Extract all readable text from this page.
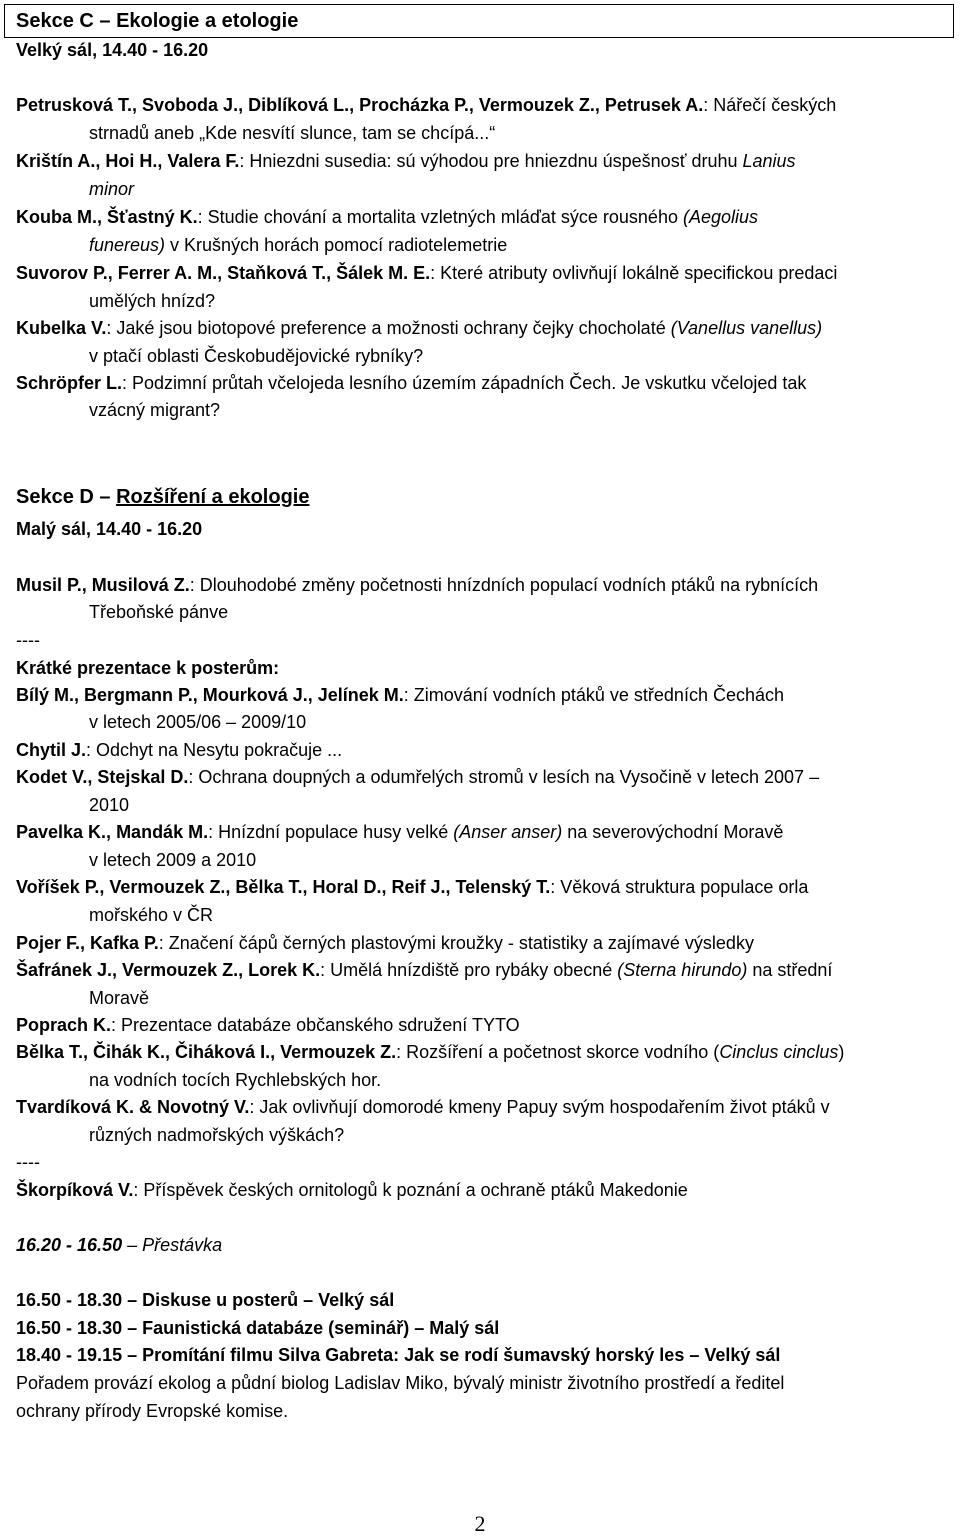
Sekce C – Ekologie a etologie
Velký sál, 14.40 - 16.20
Petrusková T., Svoboda J., Diblíková L., Procházka P., Vermouzek Z., Petrusek A.: Nářečí českých
strnadů aneb „Kde nesvítí slunce, tam se chcípá...“
Krištín A., Hoi H., Valera F.: Hniezdni susedia: sú výhodou pre hniezdnu úspešnosť druhu Lanius
minor
Kouba M., Šťastný K.: Studie chování a mortalita vzletných mláďat sýce rousného (Aegolius
funereus) v Krušných horách pomocí radiotelemetrie
Suvorov P., Ferrer A. M., Staňková T., Šálek M. E.: Které atributy ovlivňují lokálně specifickou predaci
umělých hnízd?
Kubelka V.: Jaké jsou biotopové preference a možnosti ochrany čejky chocholaté (Vanellus vanellus)
v ptačí oblasti Českobudějovické rybníky?
Schröpfer L.: Podzimní průtah včelojeda lesního územím západních Čech. Je vskutku včelojed tak
vzácný migrant?
Sekce D – Rozšíření a ekologie
Malý sál, 14.40 - 16.20
Musil P., Musilová Z.: Dlouhodobé změny početnosti hnízdních populací vodních ptáků na rybnících
Třeboňské pánve
----
Krátké prezentace k posterům:
Bílý M., Bergmann P., Mourková J., Jelínek M.: Zimování vodních ptáků ve středních Čechách
v letech 2005/06 – 2009/10
Chytil J.: Odchyt na Nesytu pokračuje ...
Kodet V., Stejskal D.: Ochrana doupných a odumřelých stromů v lesích na Vysočině v letech 2007 –
2010
Pavelka K., Mandák M.: Hnízdní populace husy velké (Anser anser) na severovýchodní Moravě
v letech 2009 a 2010
Voříšek P., Vermouzek Z., Bělka T., Horal D., Reif J., Telenský T.: Věková struktura populace orla
mořského v ČR
Pojer F., Kafka P.: Značení čápů černých plastovými kroužky - statistiky a zajímavé výsledky
Šafránek J., Vermouzek Z., Lorek K.: Umělá hnízdiště pro rybáky obecné (Sterna hirundo) na střední
Moravě
Poprach K.: Prezentace databáze občanského sdružení TYTO
Bělka T., Čihák K., Čiháková I., Vermouzek Z.: Rozšíření a početnost skorce vodního (Cinclus cinclus)
na vodních tocích Rychlebských hor.
Tvardíková K. & Novotný V.: Jak ovlivňují domorodé kmeny Papuy svým hospodařením život ptáků v
různých nadmořských výškách?
----
Škorpíková V.: Příspěvek českých ornitologů k poznání a ochraně ptáků Makedonie
16.20 - 16.50 – Přestávka
16.50 - 18.30 – Diskuse u posterů – Velký sál
16.50 - 18.30 – Faunistická databáze (seminář) – Malý sál
18.40 - 19.15 – Promítání filmu Silva Gabreta: Jak se rodí šumavský horský les – Velký sál
Pořadem provází ekolog a půdní biolog Ladislav Miko, bývalý ministr životního prostředí a ředitel
ochrany přírody Evropské komise.
2
